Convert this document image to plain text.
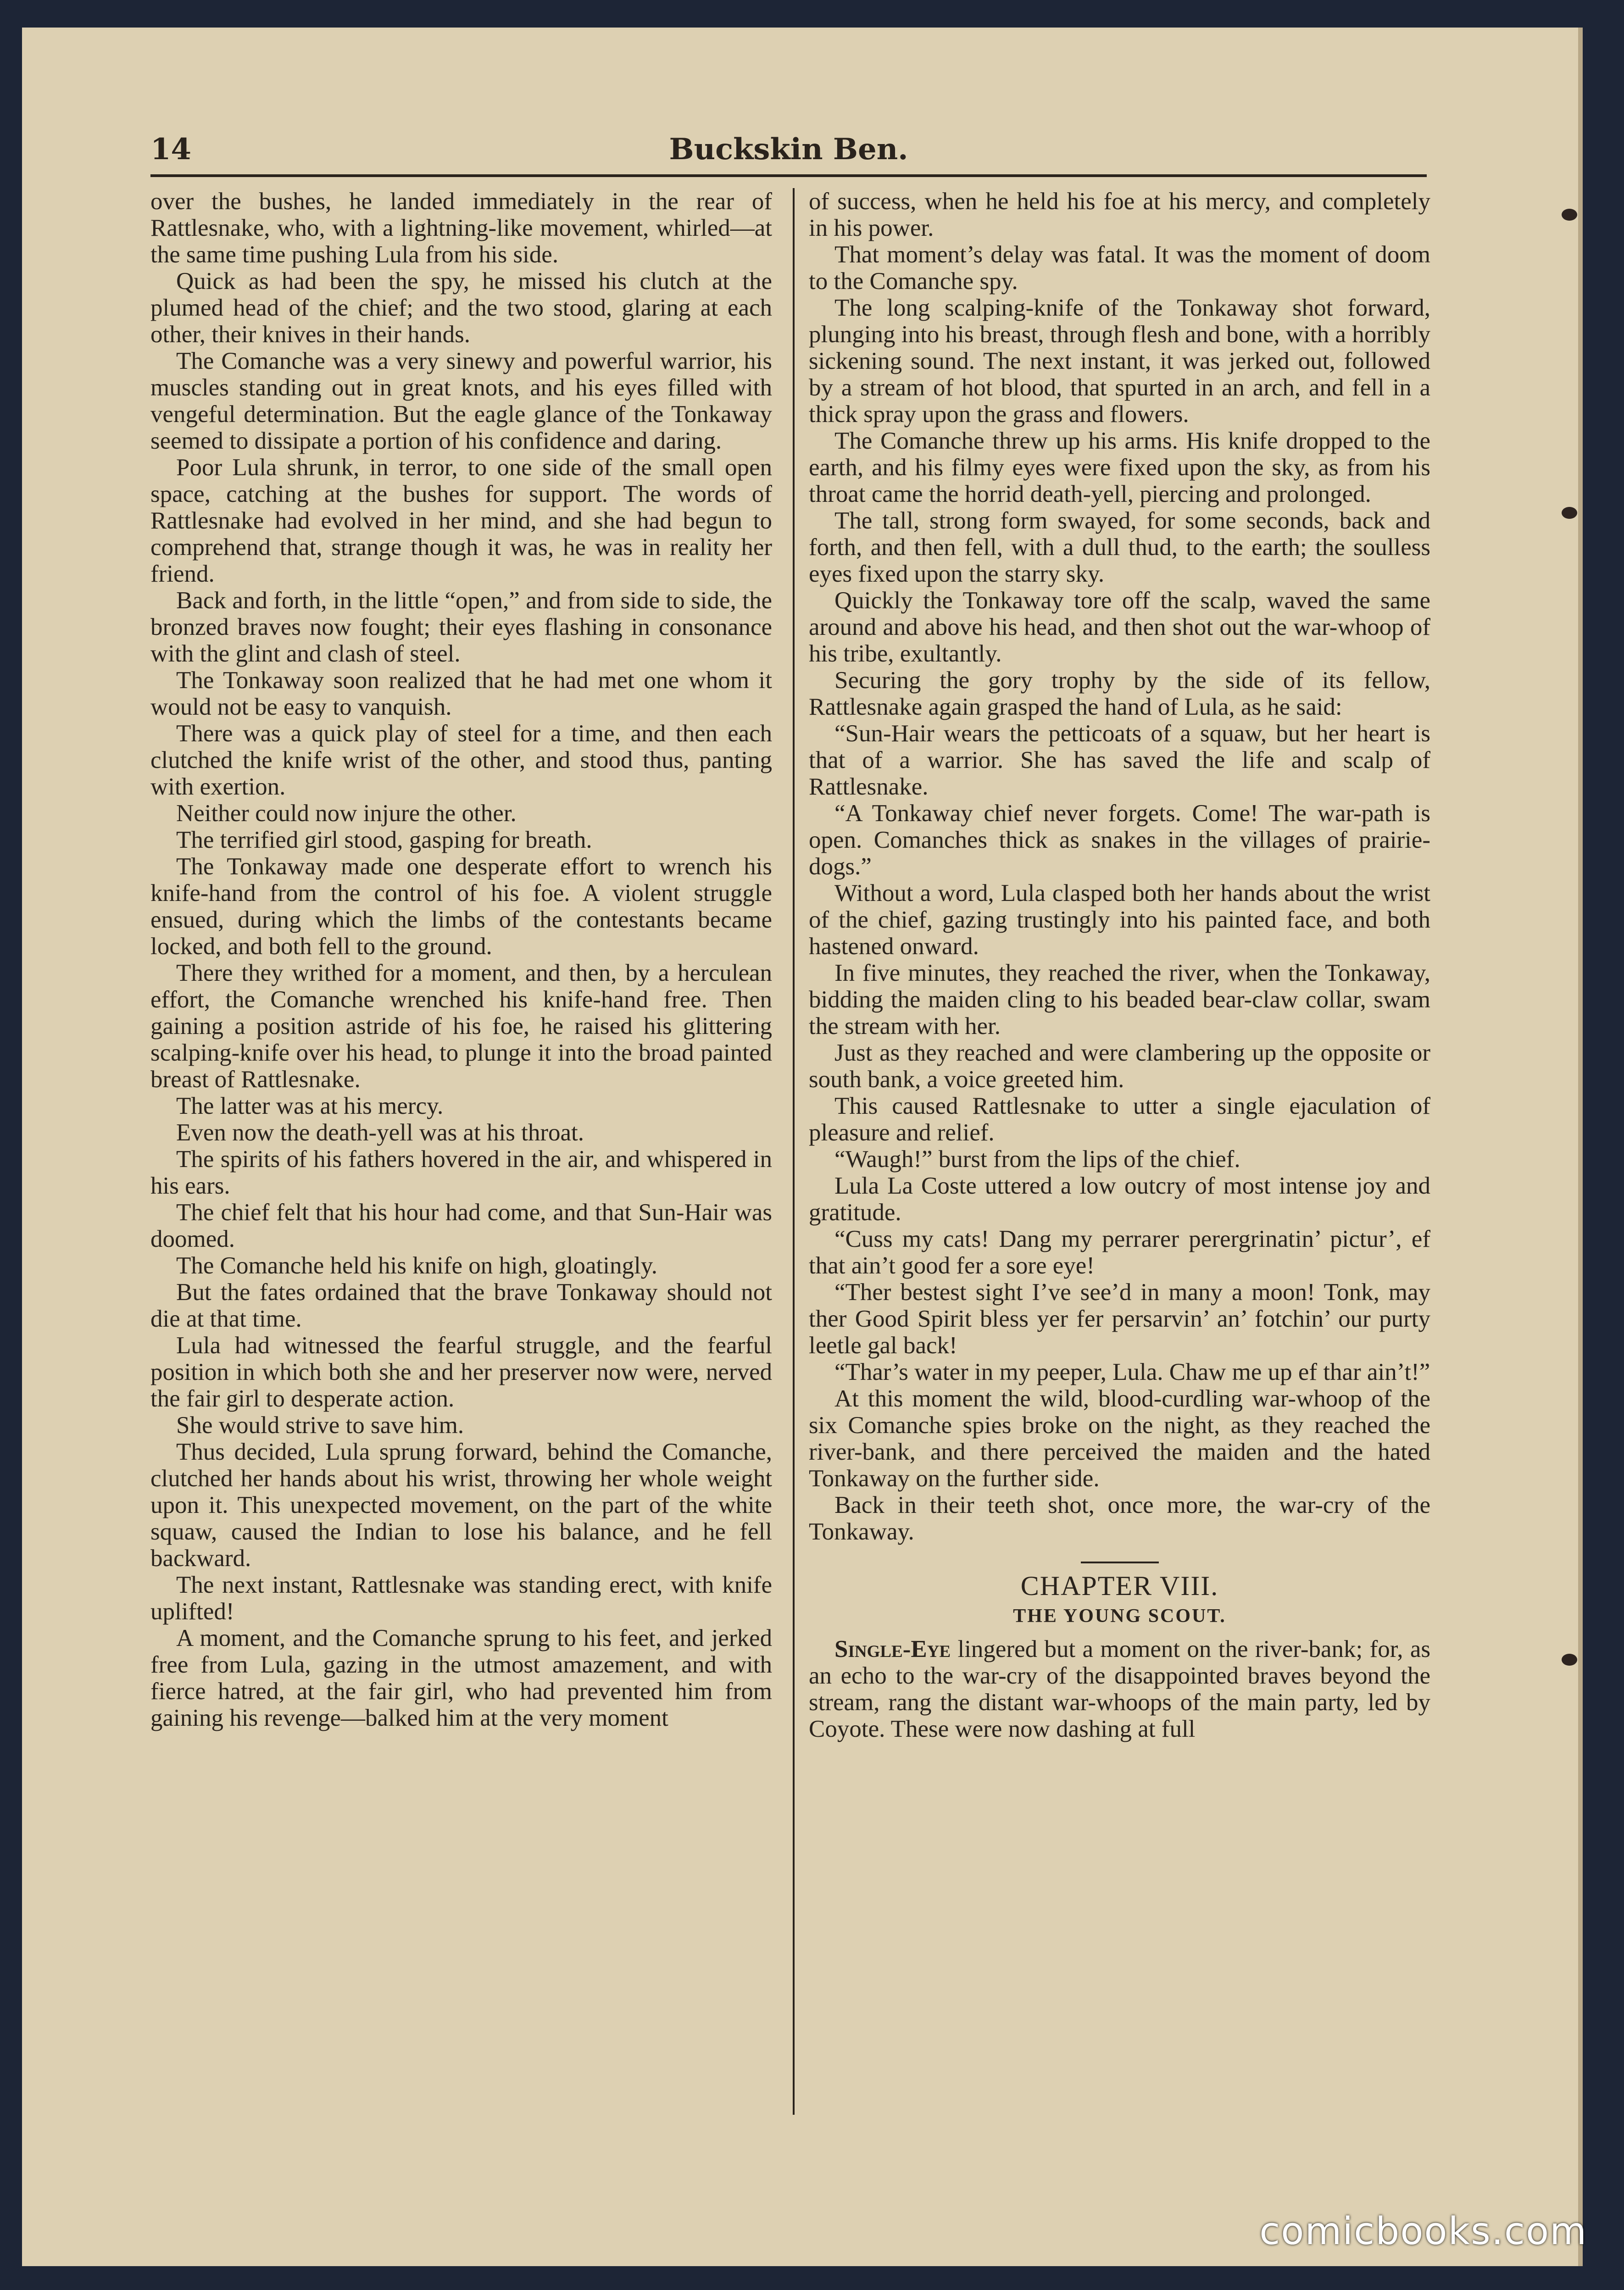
14	Buckskin Ben.

over the bushes, he landed immediately in the rear of Rattlesnake, who, with a lightning-like movement, whirled—at the same time pushing Lula from his side.

Quick as had been the spy, he missed his clutch at the plumed head of the chief; and the two stood, glaring at each other, their knives in their hands.

The Comanche was a very sinewy and powerful warrior, his muscles standing out in great knots, and his eyes filled with vengeful determination. But the eagle glance of the Tonkaway seemed to dissipate a portion of his confidence and daring.

Poor Lula shrunk, in terror, to one side of the small open space, catching at the bushes for support. The words of Rattlesnake had evolved in her mind, and she had begun to comprehend that, strange though it was, he was in reality her friend.

Back and forth, in the little “open,” and from side to side, the bronzed braves now fought; their eyes flashing in consonance with the glint and clash of steel.

The Tonkaway soon realized that he had met one whom it would not be easy to vanquish.

There was a quick play of steel for a time, and then each clutched the knife wrist of the other, and stood thus, panting with exertion.

Neither could now injure the other.

The terrified girl stood, gasping for breath.

The Tonkaway made one desperate effort to wrench his knife-hand from the control of his foe. A violent struggle ensued, during which the limbs of the contestants became locked, and both fell to the ground.

There they writhed for a moment, and then, by a herculean effort, the Comanche wrenched his knife-hand free. Then gaining a position astride of his foe, he raised his glittering scalping-knife over his head, to plunge it into the broad painted breast of Rattlesnake.

The latter was at his mercy.

Even now the death-yell was at his throat.

The spirits of his fathers hovered in the air, and whispered in his ears.

The chief felt that his hour had come, and that Sun-Hair was doomed.

The Comanche held his knife on high, gloatingly.

But the fates ordained that the brave Tonkaway should not die at that time.

Lula had witnessed the fearful struggle, and the fearful position in which both she and her preserver now were, nerved the fair girl to desperate action.

She would strive to save him.

Thus decided, Lula sprung forward, behind the Comanche, clutched her hands about his wrist, throwing her whole weight upon it. This unexpected movement, on the part of the white squaw, caused the Indian to lose his balance, and he fell backward.

The next instant, Rattlesnake was standing erect, with knife uplifted!

A moment, and the Comanche sprung to his feet, and jerked free from Lula, gazing in the utmost amazement, and with fierce hatred, at the fair girl, who had prevented him from gaining his revenge—balked him at the very moment

of success, when he held his foe at his mercy, and completely in his power.

That moment’s delay was fatal. It was the moment of doom to the Comanche spy.

The long scalping-knife of the Tonkaway shot forward, plunging into his breast, through flesh and bone, with a horribly sickening sound. The next instant, it was jerked out, followed by a stream of hot blood, that spurted in an arch, and fell in a thick spray upon the grass and flowers.

The Comanche threw up his arms. His knife dropped to the earth, and his filmy eyes were fixed upon the sky, as from his throat came the horrid death-yell, piercing and prolonged.

The tall, strong form swayed, for some seconds, back and forth, and then fell, with a dull thud, to the earth; the soulless eyes fixed upon the starry sky.

Quickly the Tonkaway tore off the scalp, waved the same around and above his head, and then shot out the war-whoop of his tribe, exultantly.

Securing the gory trophy by the side of its fellow, Rattlesnake again grasped the hand of Lula, as he said:

“Sun-Hair wears the petticoats of a squaw, but her heart is that of a warrior. She has saved the life and scalp of Rattlesnake.

“A Tonkaway chief never forgets. Come! The war-path is open. Comanches thick as snakes in the villages of prairie-dogs.”

Without a word, Lula clasped both her hands about the wrist of the chief, gazing trustingly into his painted face, and both hastened onward.

In five minutes, they reached the river, when the Tonkaway, bidding the maiden cling to his beaded bear-claw collar, swam the stream with her.

Just as they reached and were clambering up the opposite or south bank, a voice greeted him.

This caused Rattlesnake to utter a single ejaculation of pleasure and relief.

“Waugh!” burst from the lips of the chief.

Lula La Coste uttered a low outcry of most intense joy and gratitude.

“Cuss my cats! Dang my perrarer perergrinatin’ pictur’, ef that ain’t good fer a sore eye!

“Ther bestest sight I’ve see’d in many a moon! Tonk, may ther Good Spirit bless yer fer persarvin’ an’ fotchin’ our purty leetle gal back!

“Thar’s water in my peeper, Lula. Chaw me up ef thar ain’t!”

At this moment the wild, blood-curdling war-whoop of the six Comanche spies broke on the night, as they reached the river-bank, and there perceived the maiden and the hated Tonkaway on the further side.

Back in their teeth shot, once more, the war-cry of the Tonkaway.

CHAPTER VIII.
THE YOUNG SCOUT.

Single-Eye lingered but a moment on the river-bank; for, as an echo to the war-cry of the disappointed braves beyond the stream, rang the distant war-whoops of the main party, led by Coyote. These were now dashing at full

comicbooks.com
